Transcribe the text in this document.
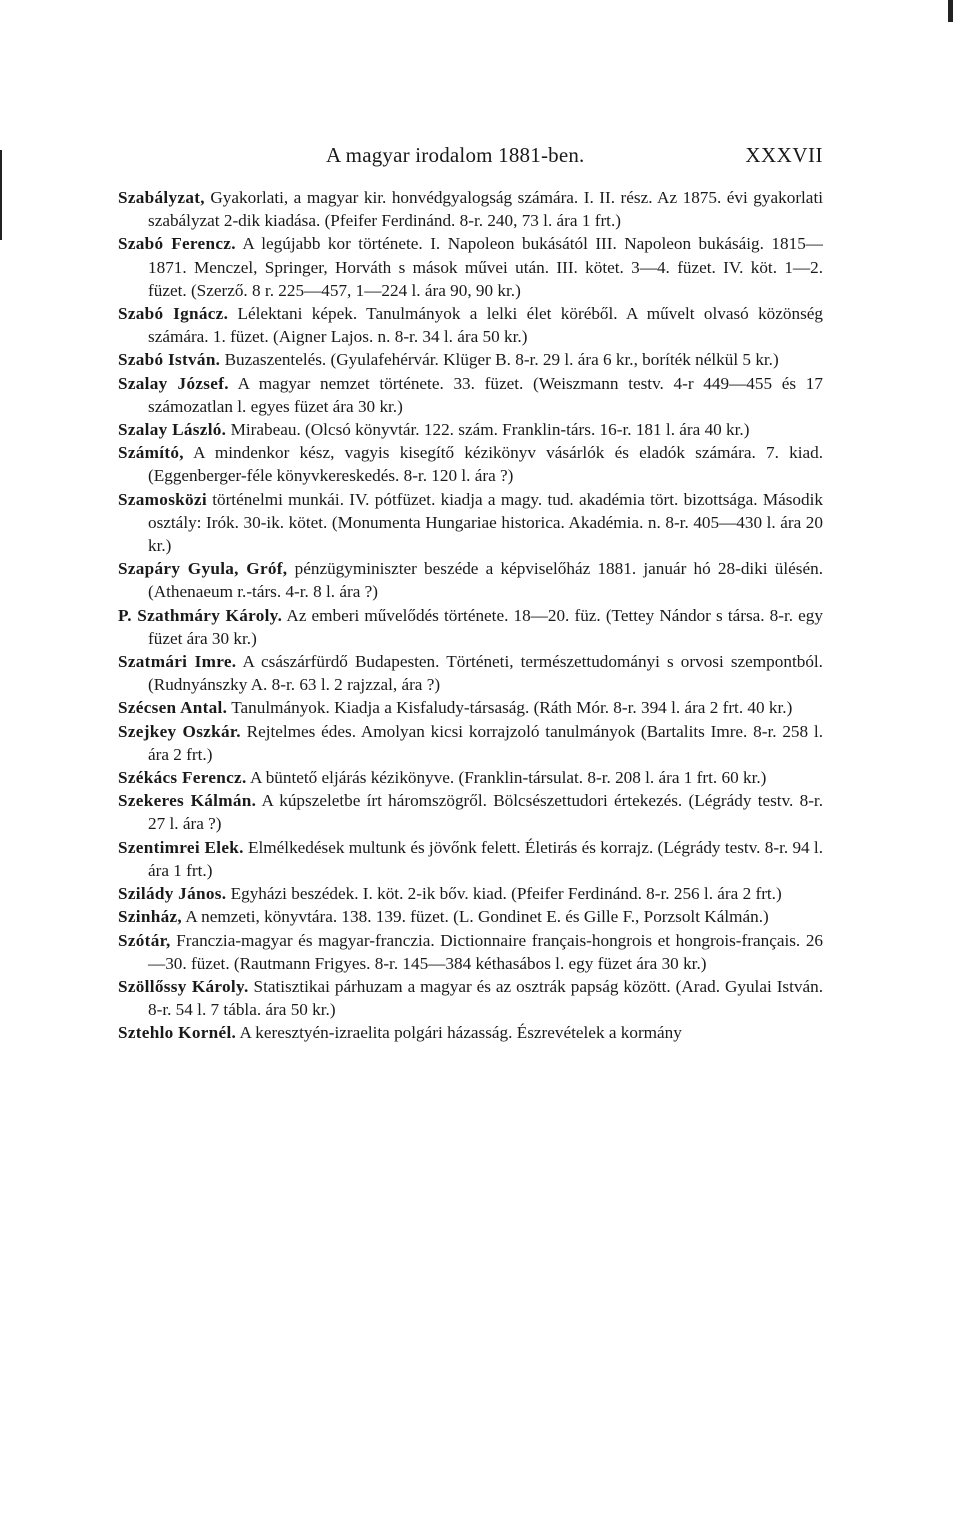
A magyar irodalom 1881-ben.	XXXVII

Szabályzat, Gyakorlati, a magyar kir. honvédgyalogság számára. I. II. rész. Az 1875. évi gyakorlati szabályzat 2-dik kiadása. (Pfeifer Ferdinánd. 8-r. 240, 73 l. ára 1 frt.)

Szabó Ferencz. A legújabb kor története. I. Napoleon bukásától III. Napoleon bukásáig. 1815—1871. Menczel, Springer, Horváth s mások művei után. III. kötet. 3—4. füzet. IV. köt. 1—2. füzet. (Szerző. 8 r. 225—457, 1—224 l. ára 90, 90 kr.)

Szabó Ignácz. Lélektani képek. Tanulmányok a lelki élet köréből. A művelt olvasó közönség számára. 1. füzet. (Aigner Lajos. n. 8-r. 34 l. ára 50 kr.)

Szabó István. Buzaszentelés. (Gyulafehérvár. Klüger B. 8-r. 29 l. ára 6 kr., boríték nélkül 5 kr.)

Szalay József. A magyar nemzet története. 33. füzet. (Weiszmann testv. 4-r 449—455 és 17 számozatlan l. egyes füzet ára 30 kr.)

Szalay László. Mirabeau. (Olcsó könyvtár. 122. szám. Franklin-társ. 16-r. 181 l. ára 40 kr.)

Számító, A mindenkor kész, vagyis kisegítő kézikönyv vásárlók és eladók számára. 7. kiad. (Eggenberger-féle könyvkereskedés. 8-r. 120 l. ára ?)

Szamosközi történelmi munkái. IV. pótfüzet. kiadja a magy. tud. akadémia tört. bizottsága. Második osztály: Irók. 30-ik. kötet. (Monumenta Hungariae historica. Akadémia. n. 8-r. 405—430 l. ára 20 kr.)

Szapáry Gyula, Gróf, pénzügyminiszter beszéde a képviselőház 1881. január hó 28-diki ülésén. (Athenaeum r.-társ. 4-r. 8 l. ára ?)

P. Szathmáry Károly. Az emberi művelődés története. 18—20. füz. (Tettey Nándor s társa. 8-r. egy füzet ára 30 kr.)

Szatmári Imre. A császárfürdő Budapesten. Történeti, természettudományi s orvosi szempontból. (Rudnyánszky A. 8-r. 63 l. 2 rajzzal, ára ?)

Szécsen Antal. Tanulmányok. Kiadja a Kisfaludy-társaság. (Ráth Mór. 8-r. 394 l. ára 2 frt. 40 kr.)

Szejkey Oszkár. Rejtelmes édes. Amolyan kicsi korrajzoló tanulmányok (Bartalits Imre. 8-r. 258 l. ára 2 frt.)

Székács Ferencz. A büntető eljárás kézikönyve. (Franklin-társulat. 8-r. 208 l. ára 1 frt. 60 kr.)

Szekeres Kálmán. A kúpszeletbe írt háromszögről. Bölcsészettudori értekezés. (Légrády testv. 8-r. 27 l. ára ?)

Szentimrei Elek. Elmélkedések multunk és jövőnk felett. Életirás és korrajz. (Légrády testv. 8-r. 94 l. ára 1 frt.)

Szilády János. Egyházi beszédek. I. köt. 2-ik bőv. kiad. (Pfeifer Ferdinánd. 8-r. 256 l. ára 2 frt.)

Szinház, A nemzeti, könyvtára. 138. 139. füzet. (L. Gondinet E. és Gille F., Porzsolt Kálmán.)

Szótár, Franczia-magyar és magyar-franczia. Dictionnaire français-hongrois et hongrois-français. 26—30. füzet. (Rautmann Frigyes. 8-r. 145—384 kéthasábos l. egy füzet ára 30 kr.)

Szöllőssy Károly. Statisztikai párhuzam a magyar és az osztrák papság között. (Arad. Gyulai István. 8-r. 54 l. 7 tábla. ára 50 kr.)

Sztehlo Kornél. A keresztyén-izraelita polgári házasság. Észrevételek a kormány
